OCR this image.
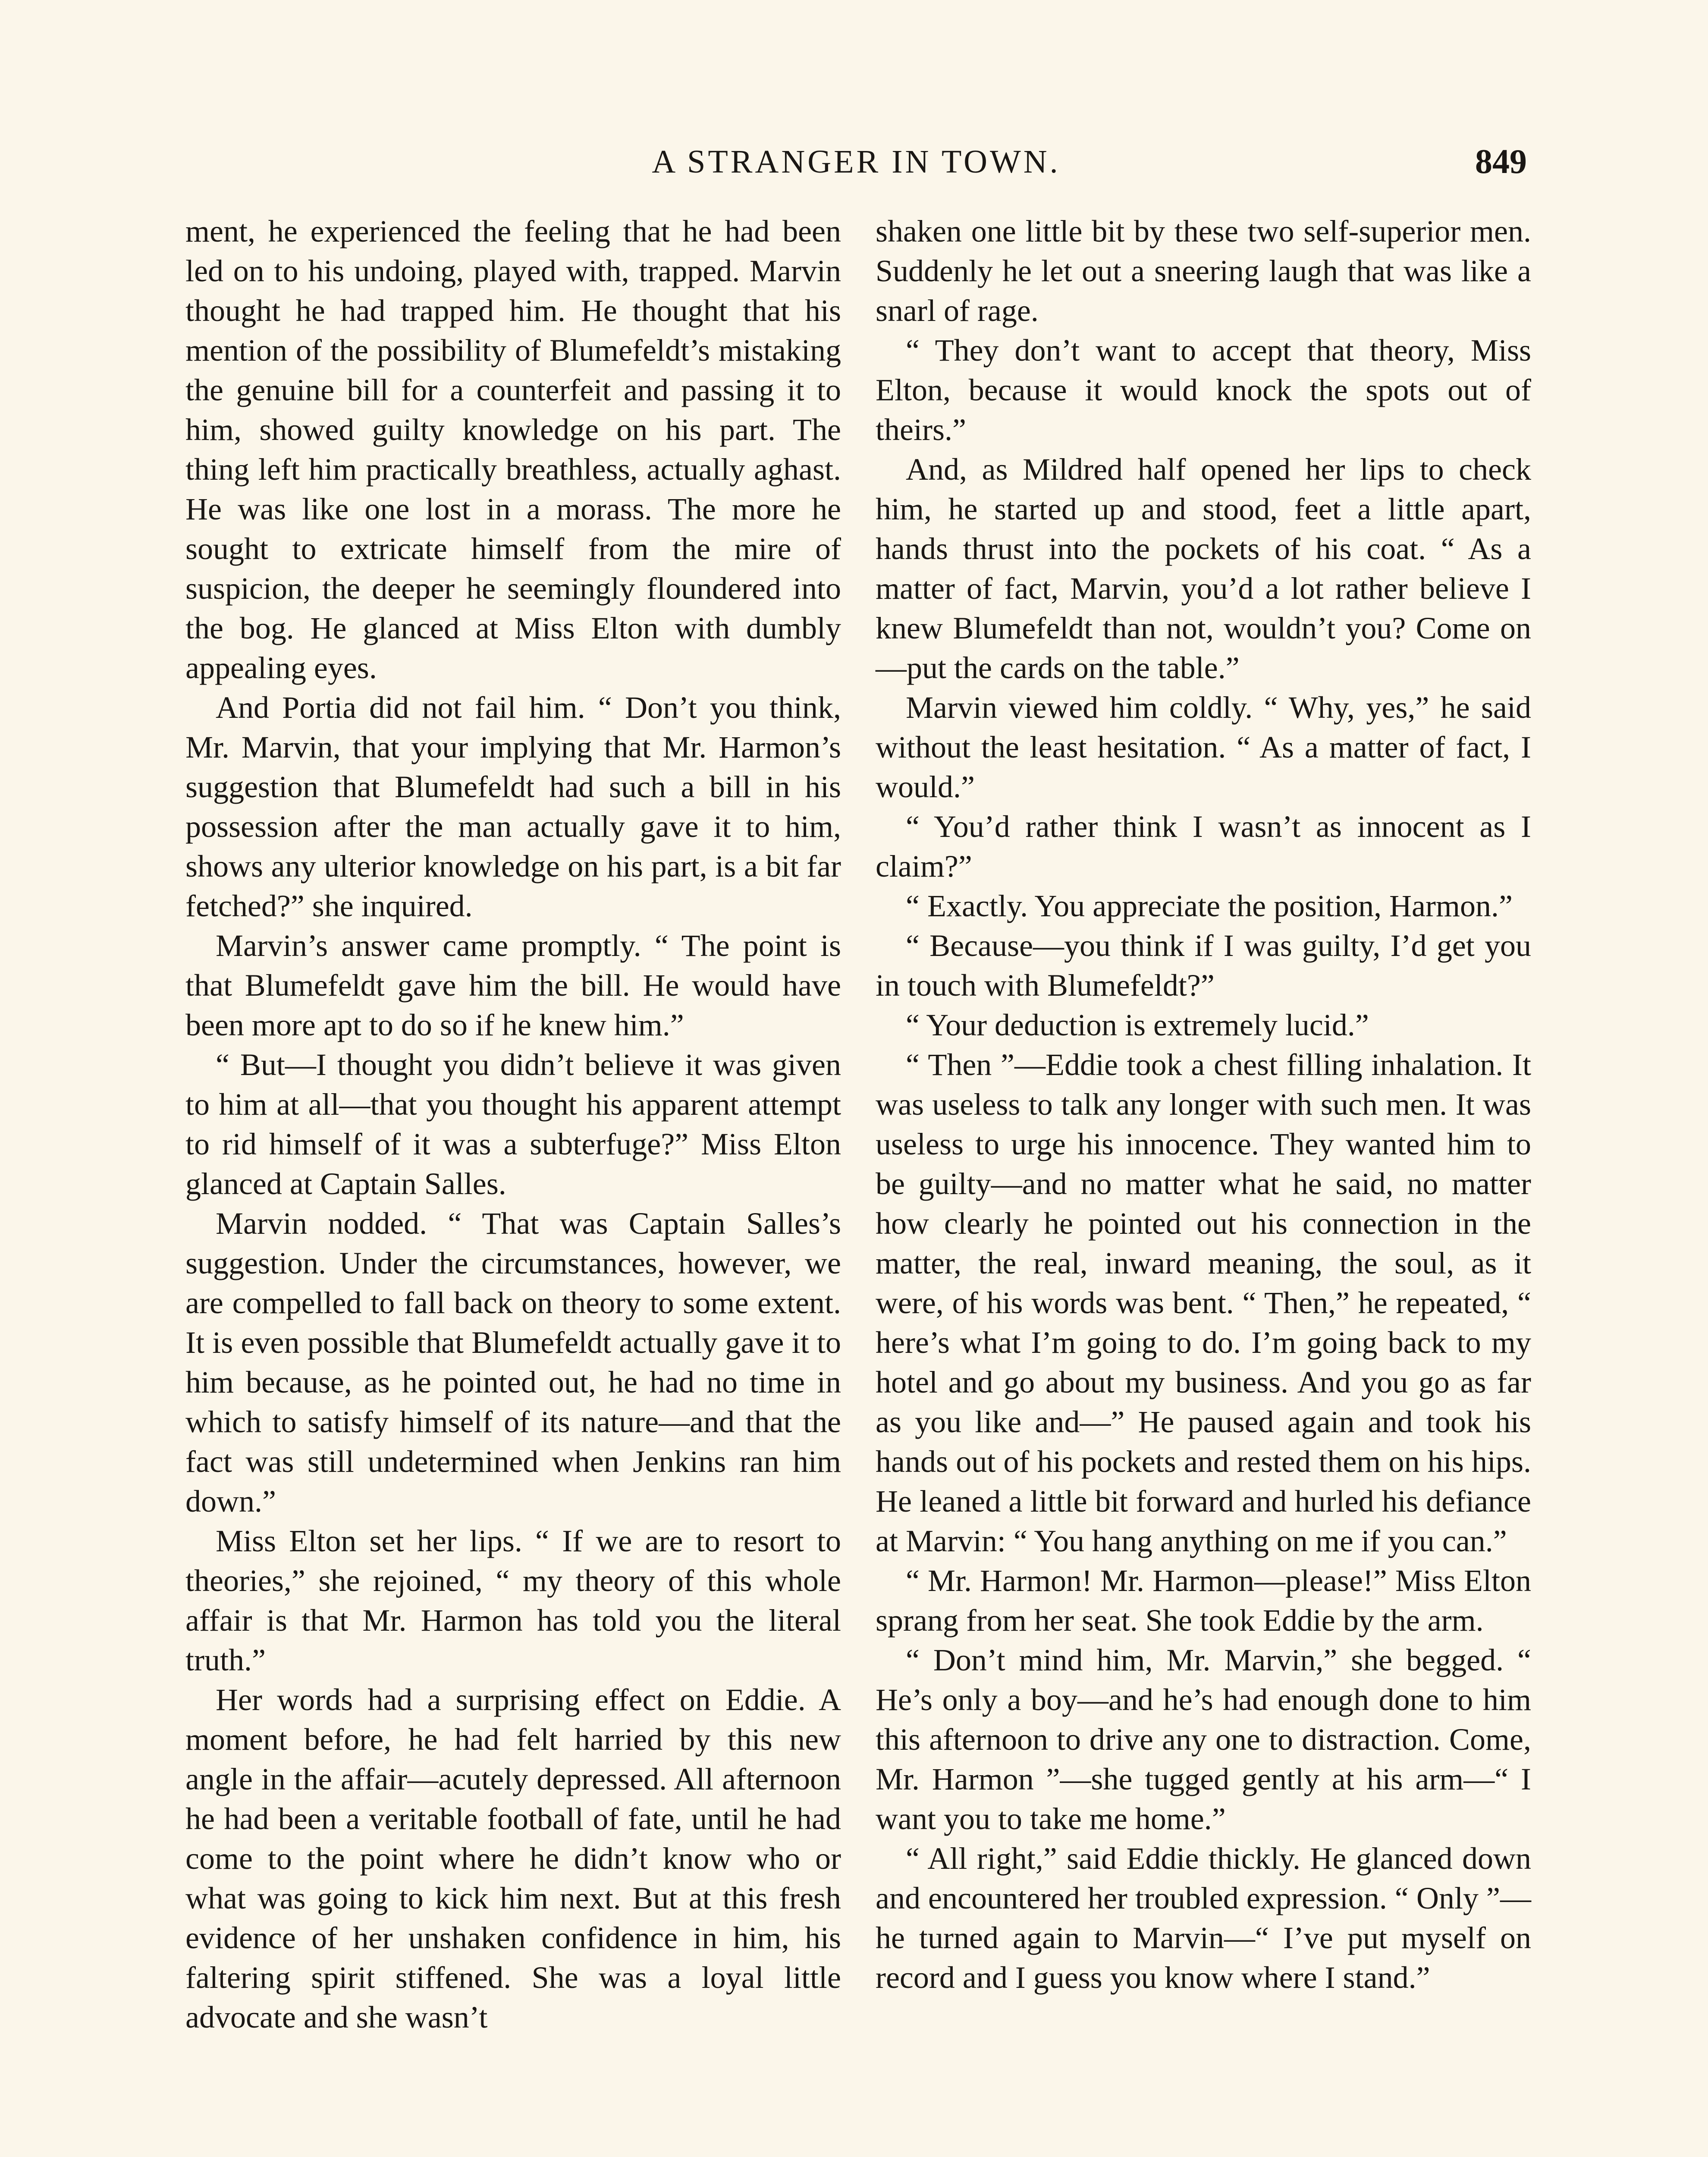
A STRANGER IN TOWN.	849

ment, he experienced the feeling that he had been led on to his undoing, played with, trapped. Marvin thought he had trapped him. He thought that his mention of the possibility of Blumefeldt’s mistaking the genuine bill for a counterfeit and passing it to him, showed guilty knowledge on his part. The thing left him practically breathless, actually aghast. He was like one lost in a morass. The more he sought to extricate himself from the mire of suspicion, the deeper he seemingly floundered into the bog. He glanced at Miss Elton with dumbly appealing eyes.

And Portia did not fail him. “ Don’t you think, Mr. Marvin, that your implying that Mr. Harmon’s suggestion that Blumefeldt had such a bill in his possession after the man actually gave it to him, shows any ulterior knowledge on his part, is a bit far fetched?” she inquired.

Marvin’s answer came promptly. “ The point is that Blumefeldt gave him the bill. He would have been more apt to do so if he knew him.”

“ But—I thought you didn’t believe it was given to him at all—that you thought his apparent attempt to rid himself of it was a subterfuge?” Miss Elton glanced at Captain Salles.

Marvin nodded. “ That was Captain Salles’s suggestion. Under the circumstances, however, we are compelled to fall back on theory to some extent. It is even possible that Blumefeldt actually gave it to him because, as he pointed out, he had no time in which to satisfy himself of its nature—and that the fact was still undetermined when Jenkins ran him down.”

Miss Elton set her lips. “ If we are to resort to theories,” she rejoined, “ my theory of this whole affair is that Mr. Harmon has told you the literal truth.”

Her words had a surprising effect on Eddie. A moment before, he had felt harried by this new angle in the affair—acutely depressed. All afternoon he had been a veritable football of fate, until he had come to the point where he didn’t know who or what was going to kick him next. But at this fresh evidence of her unshaken confidence in him, his faltering spirit stiffened. She was a loyal little advocate and she wasn’t

shaken one little bit by these two self-superior men. Suddenly he let out a sneering laugh that was like a snarl of rage.

“ They don’t want to accept that theory, Miss Elton, because it would knock the spots out of theirs.”

And, as Mildred half opened her lips to check him, he started up and stood, feet a little apart, hands thrust into the pockets of his coat. “ As a matter of fact, Marvin, you’d a lot rather believe I knew Blumefeldt than not, wouldn’t you? Come on—put the cards on the table.”

Marvin viewed him coldly. “ Why, yes,” he said without the least hesitation. “ As a matter of fact, I would.”

“ You’d rather think I wasn’t as innocent as I claim?”

“ Exactly. You appreciate the position, Harmon.”

“ Because—you think if I was guilty, I’d get you in touch with Blumefeldt?”

“ Your deduction is extremely lucid.”

“ Then ”—Eddie took a chest filling inhalation. It was useless to talk any longer with such men. It was useless to urge his innocence. They wanted him to be guilty—and no matter what he said, no matter how clearly he pointed out his connection in the matter, the real, inward meaning, the soul, as it were, of his words was bent. “ Then,” he repeated, “ here’s what I’m going to do. I’m going back to my hotel and go about my business. And you go as far as you like and—” He paused again and took his hands out of his pockets and rested them on his hips. He leaned a little bit forward and hurled his defiance at Marvin: “ You hang anything on me if you can.”

“ Mr. Harmon! Mr. Harmon—please!” Miss Elton sprang from her seat. She took Eddie by the arm.

“ Don’t mind him, Mr. Marvin,” she begged. “ He’s only a boy—and he’s had enough done to him this afternoon to drive any one to distraction. Come, Mr. Harmon ”—she tugged gently at his arm—“ I want you to take me home.”

“ All right,” said Eddie thickly. He glanced down and encountered her troubled expression. “ Only ”—he turned again to Marvin—“ I’ve put myself on record and I guess you know where I stand.”
